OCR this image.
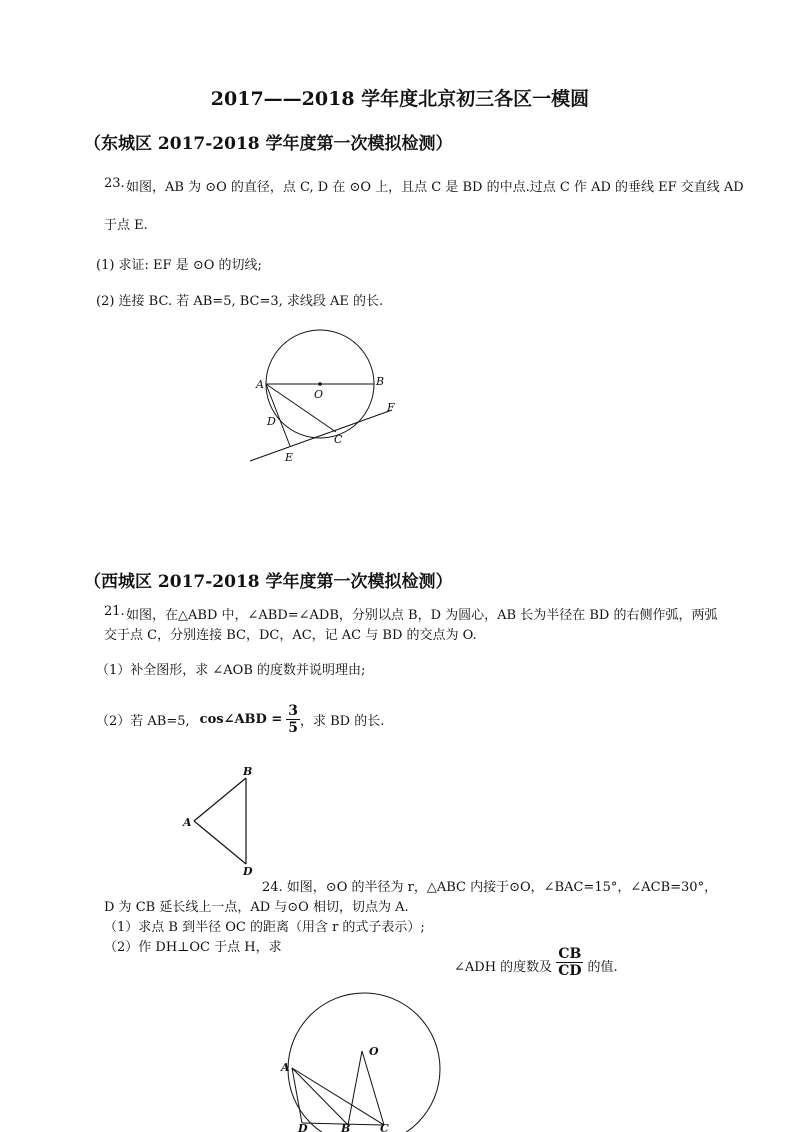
2017——2018 学年度北京初三各区一模圆
（东城区 2017-2018 学年度第一次模拟检测）
23. 如图，AB 为 ⊙O 的直径，点 C, D 在 ⊙O 上，且点 C 是 BD 的中点.过点 C 作 AD 的垂线 EF 交直线 AD
于点 E.
(1) 求证: EF 是 ⊙O 的切线;
(2) 连接 BC. 若 AB=5, BC=3, 求线段 AE 的长.
A	B
O
D
C
E
F
（西城区 2017-2018 学年度第一次模拟检测）
21. 如图，在△ABD 中，∠ABD=∠ADB，分别以点 B，D 为圆心，AB 长为半径在 BD 的右侧作弧，两弧
交于点 C，分别连接 BC，DC，AC，记 AC 与 BD 的交点为 O.
（1）补全图形，求 ∠AOB 的度数并说明理由;
（2）若 AB=5, cos∠ABD = $\frac{3}{5}$ ，求 BD 的长.
B
A
D
24. 如图，⊙O 的半径为 r，△ABC 内接于⊙O，∠BAC=15°，∠ACB=30°，
D 为 CB 延长线上一点，AD 与⊙O 相切，切点为 A.
（1）求点 B 到半径 OC 的距离（用含 r 的式子表示）;
（2）作 DH⊥OC 于点 H，求
∠ADH 的度数及 $\frac{CB}{CD}$ 的值.
O
A
D	B	C
